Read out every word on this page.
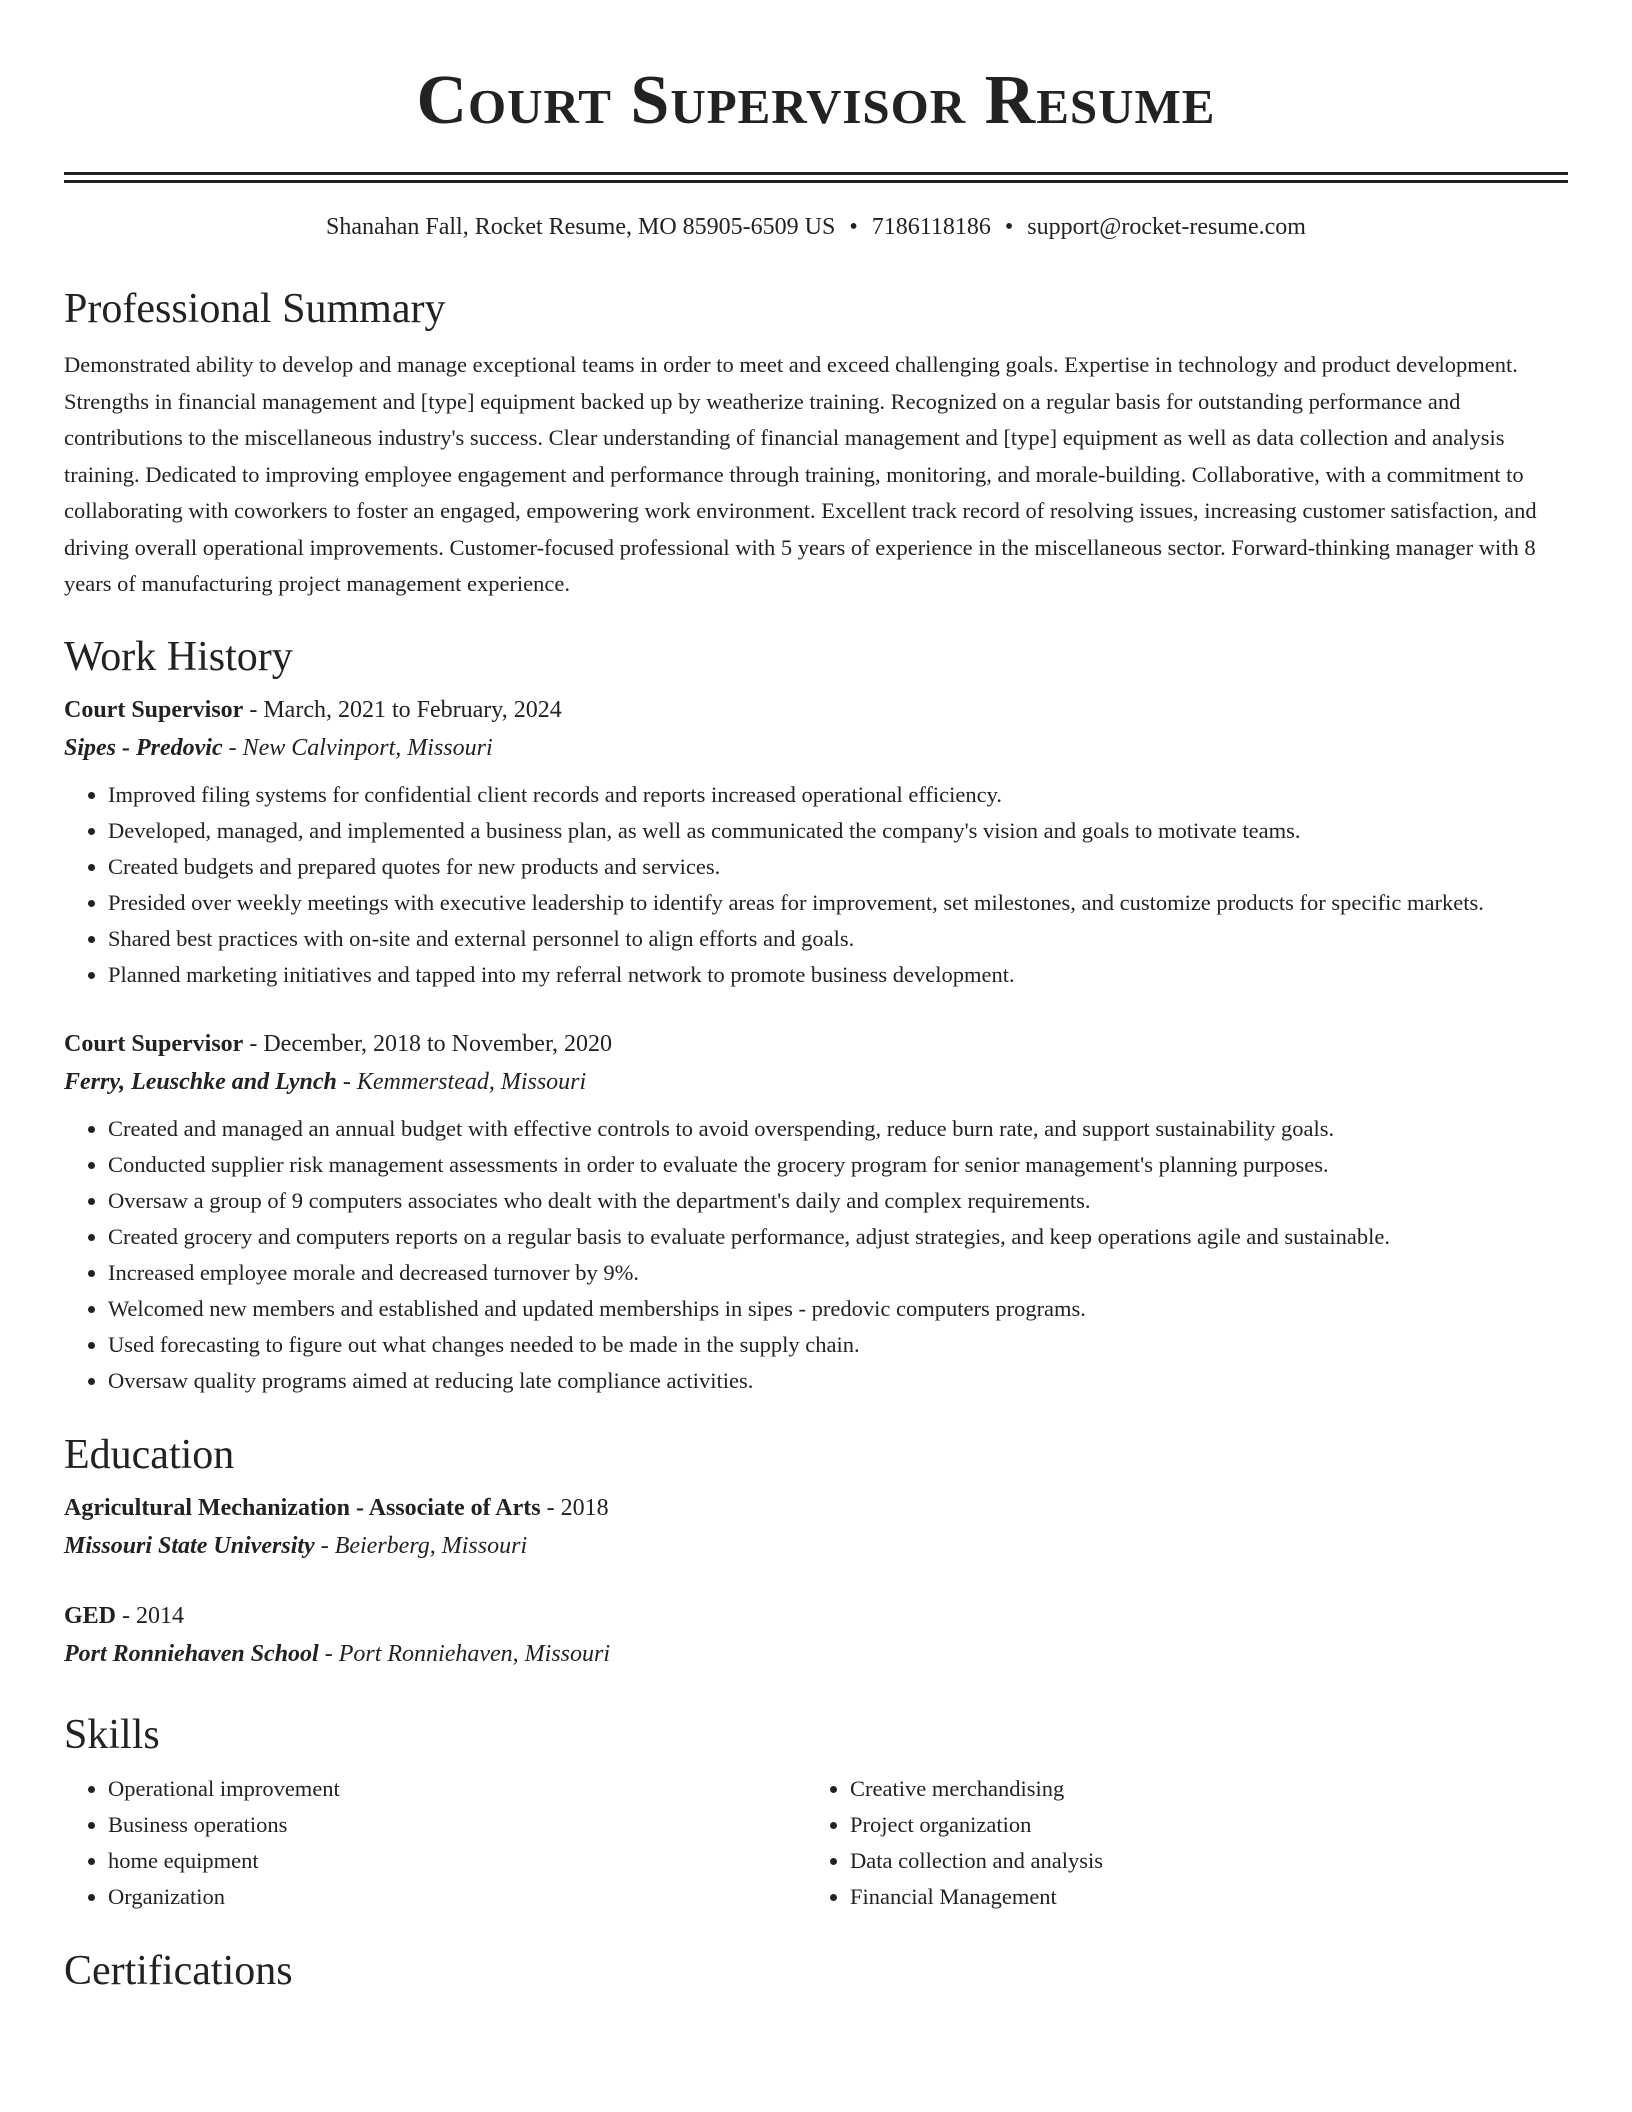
Court Supervisor Resume
Shanahan Fall, Rocket Resume, MO 85905-6509 US • 7186118186 • support@rocket-resume.com
Professional Summary

Demonstrated ability to develop and manage exceptional teams in order to meet and exceed challenging goals. Expertise in technology and product development. Strengths in financial management and [type] equipment backed up by weatherize training. Recognized on a regular basis for outstanding performance and contributions to the miscellaneous industry's success. Clear understanding of financial management and [type] equipment as well as data collection and analysis training. Dedicated to improving employee engagement and performance through training, monitoring, and morale-building. Collaborative, with a commitment to collaborating with coworkers to foster an engaged, empowering work environment. Excellent track record of resolving issues, increasing customer satisfaction, and driving overall operational improvements. Customer-focused professional with 5 years of experience in the miscellaneous sector. Forward-thinking manager with 8 years of manufacturing project management experience.

Work History
Court Supervisor - March, 2021 to February, 2024
Sipes - Predovic - New Calvinport, Missouri
• Improved filing systems for confidential client records and reports increased operational efficiency.
• Developed, managed, and implemented a business plan, as well as communicated the company's vision and goals to motivate teams.
• Created budgets and prepared quotes for new products and services.
• Presided over weekly meetings with executive leadership to identify areas for improvement, set milestones, and customize products for specific markets.
• Shared best practices with on-site and external personnel to align efforts and goals.
• Planned marketing initiatives and tapped into my referral network to promote business development.
Court Supervisor - December, 2018 to November, 2020
Ferry, Leuschke and Lynch - Kemmerstead, Missouri
• Created and managed an annual budget with effective controls to avoid overspending, reduce burn rate, and support sustainability goals.
• Conducted supplier risk management assessments in order to evaluate the grocery program for senior management's planning purposes.
• Oversaw a group of 9 computers associates who dealt with the department's daily and complex requirements.
• Created grocery and computers reports on a regular basis to evaluate performance, adjust strategies, and keep operations agile and sustainable.
• Increased employee morale and decreased turnover by 9%.
• Welcomed new members and established and updated memberships in sipes - predovic computers programs.
• Used forecasting to figure out what changes needed to be made in the supply chain.
• Oversaw quality programs aimed at reducing late compliance activities.
Education
Agricultural Mechanization - Associate of Arts - 2018
Missouri State University - Beierberg, Missouri
GED - 2014
Port Ronniehaven School - Port Ronniehaven, Missouri
Skills
• Operational improvement
• Business operations
• home equipment
• Organization
• Creative merchandising
• Project organization
• Data collection and analysis
• Financial Management
Certifications
